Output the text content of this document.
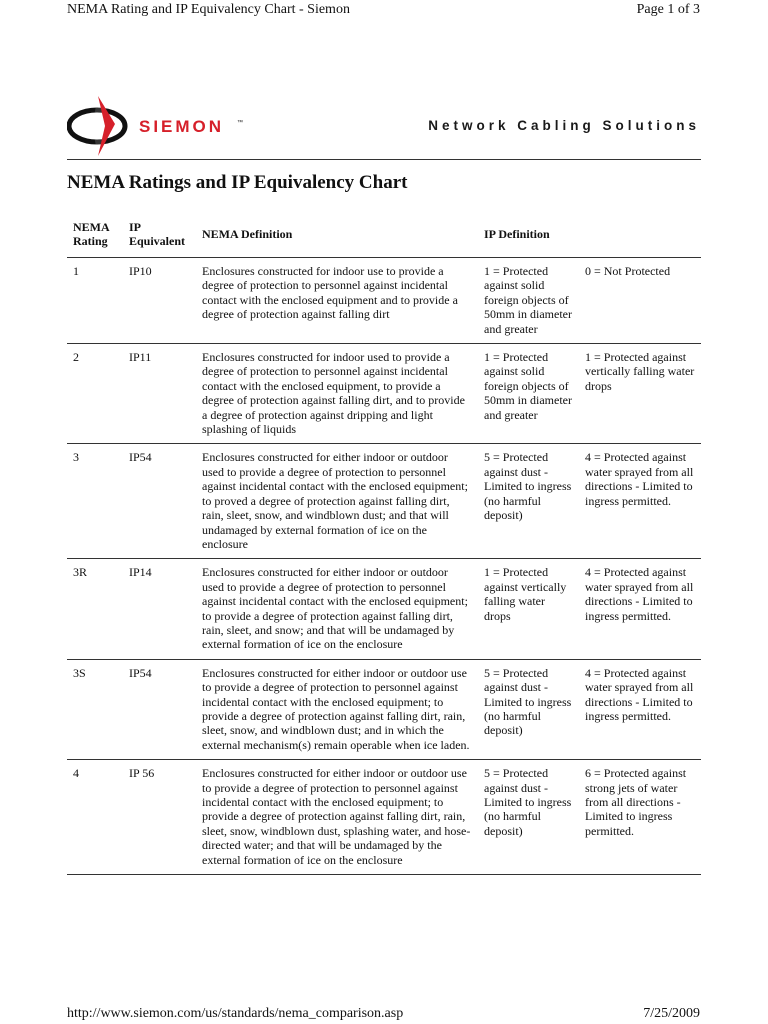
NEMA Rating and IP Equivalency Chart - Siemon	Page 1 of 3
SIEMON ™	Network Cabling Solutions
NEMA Ratings and IP Equivalency Chart
NEMA Rating	IP Equivalent	NEMA Definition	IP Definition	
1	IP10	Enclosures constructed for indoor use to provide a degree of protection to personnel against incidental contact with the enclosed equipment and to provide a degree of protection against falling dirt	1 = Protected against solid foreign objects of 50mm in diameter and greater	0 = Not Protected
2	IP11	Enclosures constructed for indoor used to provide a degree of protection to personnel against incidental contact with the enclosed equipment, to provide a degree of protection against falling dirt, and to provide a degree of protection against dripping and light splashing of liquids	1 = Protected against solid foreign objects of 50mm in diameter and greater	1 = Protected against vertically falling water drops
3	IP54	Enclosures constructed for either indoor or outdoor used to provide a degree of protection to personnel against incidental contact with the enclosed equipment; to proved a degree of protection against falling dirt, rain, sleet, snow, and windblown dust; and that will undamaged by external formation of ice on the enclosure	5 = Protected against dust - Limited to ingress (no harmful deposit)	4 = Protected against water sprayed from all directions - Limited to ingress permitted.
3R	IP14	Enclosures constructed for either indoor or outdoor used to provide a degree of protection to personnel against incidental contact with the enclosed equipment; to provide a degree of protection against falling dirt, rain, sleet, and snow; and that will be undamaged by external formation of ice on the enclosure	1 = Protected against vertically falling water drops	4 = Protected against water sprayed from all directions - Limited to ingress permitted.
3S	IP54	Enclosures constructed for either indoor or outdoor use to provide a degree of protection to personnel against incidental contact with the enclosed equipment; to provide a degree of protection against falling dirt, rain, sleet, snow, and windblown dust; and in which the external mechanism(s) remain operable when ice laden.	5 = Protected against dust - Limited to ingress (no harmful deposit)	4 = Protected against water sprayed from all directions - Limited to ingress permitted.
4	IP 56	Enclosures constructed for either indoor or outdoor use to provide a degree of protection to personnel against incidental contact with the enclosed equipment; to provide a degree of protection against falling dirt, rain, sleet, snow, windblown dust, splashing water, and hose-directed water; and that will be undamaged by the external formation of ice on the enclosure	5 = Protected against dust - Limited to ingress (no harmful deposit)	6 = Protected against strong jets of water from all directions - Limited to ingress permitted.
http://www.siemon.com/us/standards/nema_comparison.asp	7/25/2009
